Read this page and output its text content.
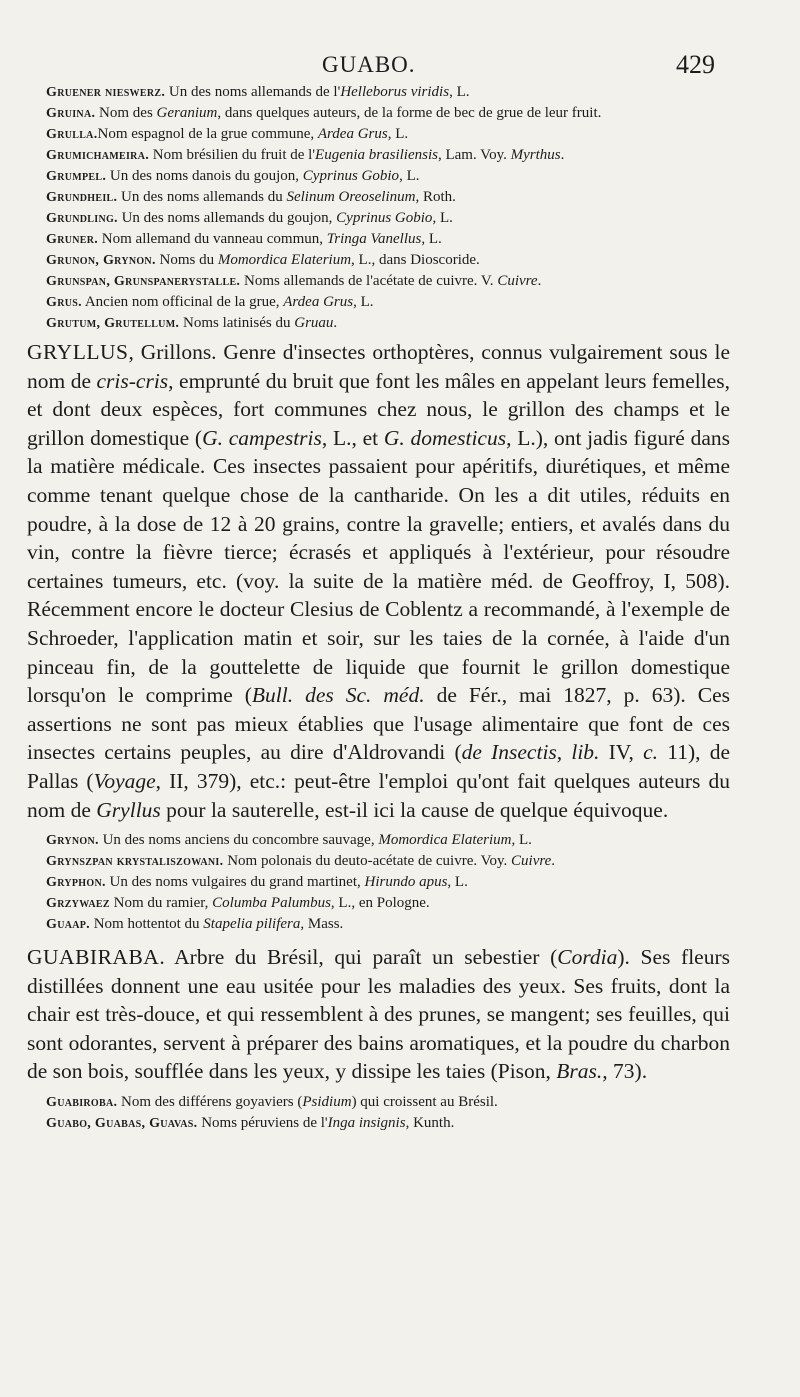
GUABO.	429

Gruener nieswerz. Un des noms allemands de l'Helleborus viridis, L.

Gruina. Nom des Geranium, dans quelques auteurs, de la forme de bec de grue de leur fruit.

Grulla.Nom espagnol de la grue commune, Ardea Grus, L.

Grumichameira. Nom brésilien du fruit de l'Eugenia brasiliensis, Lam. Voy. Myrthus.

Grumpel. Un des noms danois du goujon, Cyprinus Gobio, L.

Grundheil. Un des noms allemands du Selinum Oreoselinum, Roth.

Grundling. Un des noms allemands du goujon, Cyprinus Gobio, L.

Gruner. Nom allemand du vanneau commun, Tringa Vanellus, L.

Grunon, Grynon. Noms du Momordica Elaterium, L., dans Dioscoride.

Grunspan, Grunspanerystalle. Noms allemands de l'acétate de cuivre. V. Cuivre.

Grus. Ancien nom officinal de la grue, Ardea Grus, L.

Grutum, Grutellum. Noms latinisés du Gruau.

GRYLLUS, Grillons. Genre d'insectes orthoptères, connus vulgairement sous le nom de cris-cris, emprunté du bruit que font les mâles en appelant leurs femelles, et dont deux espèces, fort communes chez nous, le grillon des champs et le grillon domestique (G. campestris, L., et G. domesticus, L.), ont jadis figuré dans la matière médicale. Ces insectes passaient pour apéritifs, diurétiques, et même comme tenant quelque chose de la cantharide. On les a dit utiles, réduits en poudre, à la dose de 12 à 20 grains, contre la gravelle; entiers, et avalés dans du vin, contre la fièvre tierce; écrasés et appliqués à l'extérieur, pour résoudre certaines tumeurs, etc. (voy. la suite de la matière méd. de Geoffroy, I, 508). Récemment encore le docteur Clesius de Coblentz a recommandé, à l'exemple de Schroeder, l'application matin et soir, sur les taies de la cornée, à l'aide d'un pinceau fin, de la gouttelette de liquide que fournit le grillon domestique lorsqu'on le comprime (Bull. des Sc. méd. de Fér., mai 1827, p. 63). Ces assertions ne sont pas mieux établies que l'usage alimentaire que font de ces insectes certains peuples, au dire d'Aldrovandi (de Insectis, lib. IV, c. 11), de Pallas (Voyage, II, 379), etc.: peut-être l'emploi qu'ont fait quelques auteurs du nom de Gryllus pour la sauterelle, est-il ici la cause de quelque équivoque.

Grynon. Un des noms anciens du concombre sauvage, Momordica Elaterium, L.

Grynszpan krystaliszowani. Nom polonais du deuto-acétate de cuivre. Voy. Cuivre.

Gryphon. Un des noms vulgaires du grand martinet, Hirundo apus, L.

Grzywaez Nom du ramier, Columba Palumbus, L., en Pologne.

Guaap. Nom hottentot du Stapelia pilifera, Mass.

GUABIRABA. Arbre du Brésil, qui paraît un sebestier (Cordia). Ses fleurs distillées donnent une eau usitée pour les maladies des yeux. Ses fruits, dont la chair est très-douce, et qui ressemblent à des prunes, se mangent; ses feuilles, qui sont odorantes, servent à préparer des bains aromatiques, et la poudre du charbon de son bois, soufflée dans les yeux, y dissipe les taies (Pison, Bras., 73).

Guabiroba. Nom des différens goyaviers (Psidium) qui croissent au Brésil.

Guabo, Guabas, Guavas. Noms péruviens de l'Inga insignis, Kunth.
